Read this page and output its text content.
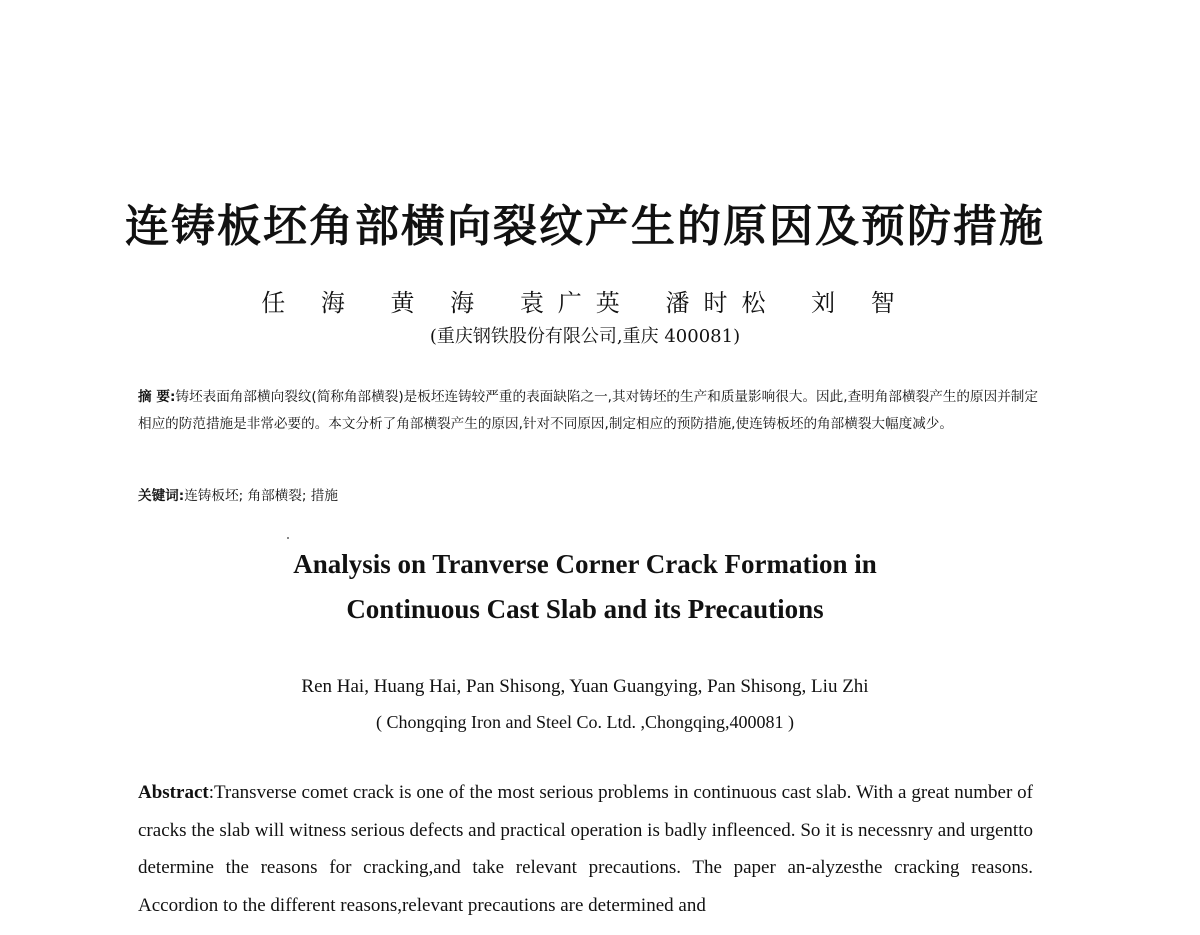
连铸板坯角部横向裂纹产生的原因及预防措施
任 海 黄 海 袁广英 潘时松 刘 智
(重庆钢铁股份有限公司,重庆 400081)
摘 要:铸坯表面角部横向裂纹(简称角部横裂)是板坯连铸较严重的表面缺陷之一,其对铸坯的生产和质量影响很大。因此,查明角部横裂产生的原因并制定相应的防范措施是非常必要的。本文分析了角部横裂产生的原因,针对不同原因,制定相应的预防措施,使连铸板坯的角部横裂大幅度减少。
关键词:连铸板坯; 角部横裂; 措施
Analysis on Tranverse Corner Crack Formation in
Continuous Cast Slab and its Precautions
Ren Hai, Huang Hai, Pan Shisong, Yuan Guangying, Pan Shisong, Liu Zhi
( Chongqing Iron and Steel Co. Ltd. ,Chongqing,400081 )
Abstract:Transverse comet crack is one of the most serious problems in continuous cast slab. With a great number of cracks the slab will witness serious defects and practical operation is badly infleenced. So it is necessnry and urgentto determine the reasons for cracking,and take relevant precautions. The paper an-alyzesthe cracking reasons. Accordion to the different reasons,relevant precautions are determined and
